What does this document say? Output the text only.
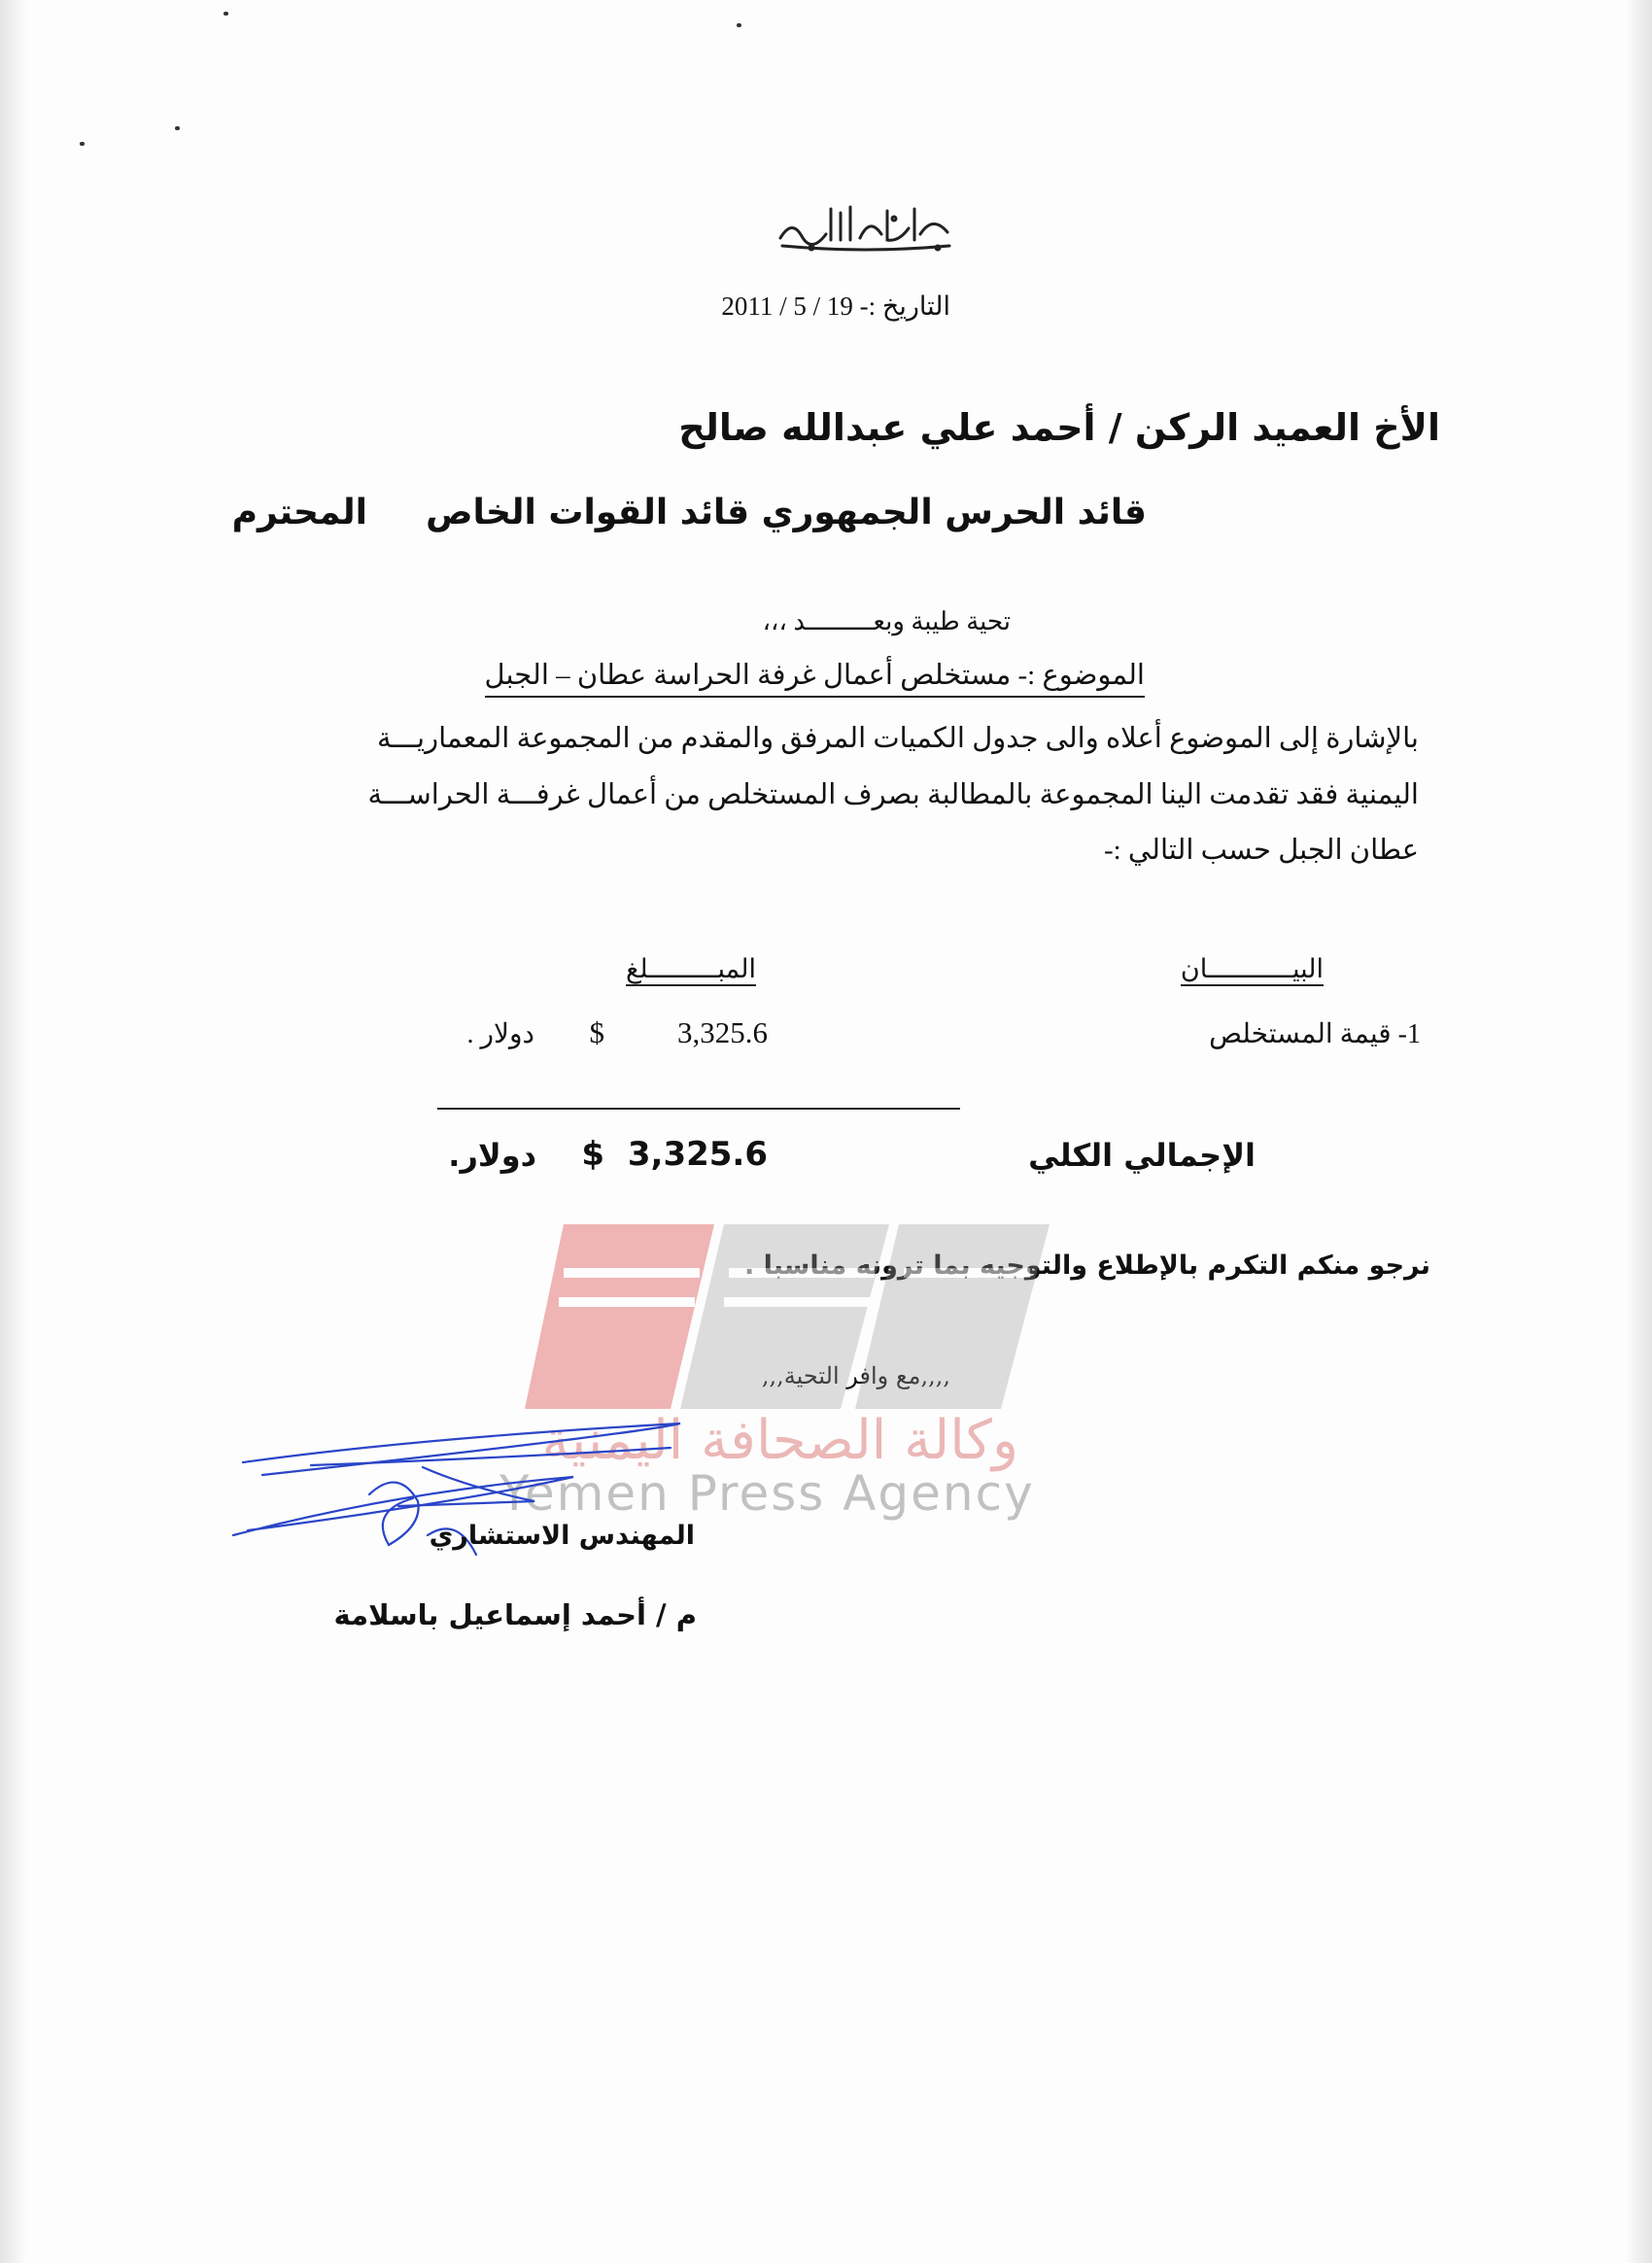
التاريخ :- 19 / 5 / 2011
الأخ العميد الركن / أحمد علي عبدالله صالح
قائد الحرس الجمهوري قائد القوات الخاص
المحترم
تحية طيبة وبعـــــــــد ،،،
الموضوع :- مستخلص أعمال غرفة الحراسة عطان – الجبل
بالإشارة إلى الموضوع أعلاه والى جدول الكميات المرفق والمقدم من المجموعة المعماريـــة
اليمنية فقد تقدمت الينا المجموعة بالمطالبة بصرف المستخلص من أعمال غرفـــة الحراســـة
عطان الجبل حسب التالي :-
البيـــــــــــان
المبـــــــــلغ
1- قيمة المستخلص
3,325.6
$
دولار .
الإجمالي الكلي
3,325.6
$
دولار.
نرجو منكم التكرم بالإطلاع والتوجيه بما ترونه مناسبا .
,,,,مع وافر التحية,,,
وكالة الصحافة اليمنية
Yemen Press Agency
المهندس الاستشاري
م / أحمد إسماعيل باسلامة
